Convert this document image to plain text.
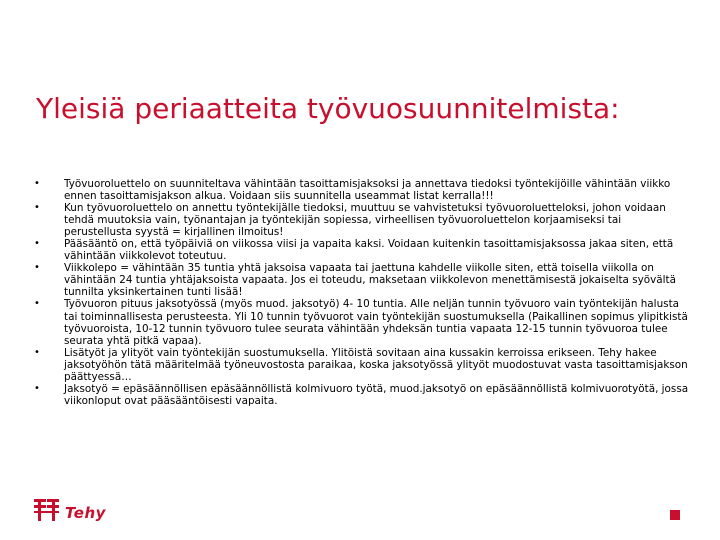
Yleisiä periaatteita työvuosuunnitelmista:
• Työvuoroluettelo on suunniteltava vähintään tasoittamisjaksoksi ja annettava tiedoksi työntekijöille vähintään viikko ennen tasoittamisjakson alkua. Voidaan siis suunnitella useammat listat kerralla!!!
• Kun työvuoroluettelo on annettu työntekijälle tiedoksi, muuttuu se vahvistetuksi työvuoroluetteloksi, johon voidaan tehdä muutoksia vain, työnantajan ja työntekijän sopiessa, virheellisen työvuoroluettelon korjaamiseksi tai perustellusta syystä = kirjallinen ilmoitus!
• Pääsääntö on, että työpäiviä on viikossa viisi ja vapaita kaksi. Voidaan kuitenkin tasoittamisjaksossa jakaa siten, että vähintään viikkolevot toteutuu.
• Viikkolepo = vähintään 35 tuntia yhtä jaksoisa vapaata tai jaettuna kahdelle viikolle siten, että toisella viikolla on vähintään 24 tuntia yhtäjaksoista vapaata. Jos ei toteudu, maksetaan viikkolevon menettämisestä jokaiselta syövältä tunnilta yksinkertainen tunti lisää!
• Työvuoron pituus jaksotyössä (myös muod. jaksotyö) 4- 10 tuntia. Alle neljän tunnin työvuoro vain työntekijän halusta tai toiminnallisesta perusteesta. Yli 10 tunnin työvuorot vain työntekijän suostumuksella (Paikallinen sopimus ylipitkistä työvuoroista, 10-12 tunnin työvuoro tulee seurata vähintään yhdeksän tuntia vapaata 12-15 tunnin työvuoroa tulee seurata yhtä pitkä vapaa).
• Lisätyöt ja ylityöt vain työntekijän suostumuksella. Ylitöistä sovitaan aina kussakin kerroissa erikseen. Tehy hakee jaksotyöhön tätä määritelmää työneuvostosta paraikaa, koska jaksotyössä ylityöt muodostuvat vasta tasoittamisjakson päättyessä…
• Jaksotyö = epäsäännöllisen epäsäännöllistä kolmivuoro työtä, muod.jaksotyö on epäsäännöllistä kolmivuorotyötä, jossa viikonloput ovat pääsääntöisesti vapaita.
Tehy
